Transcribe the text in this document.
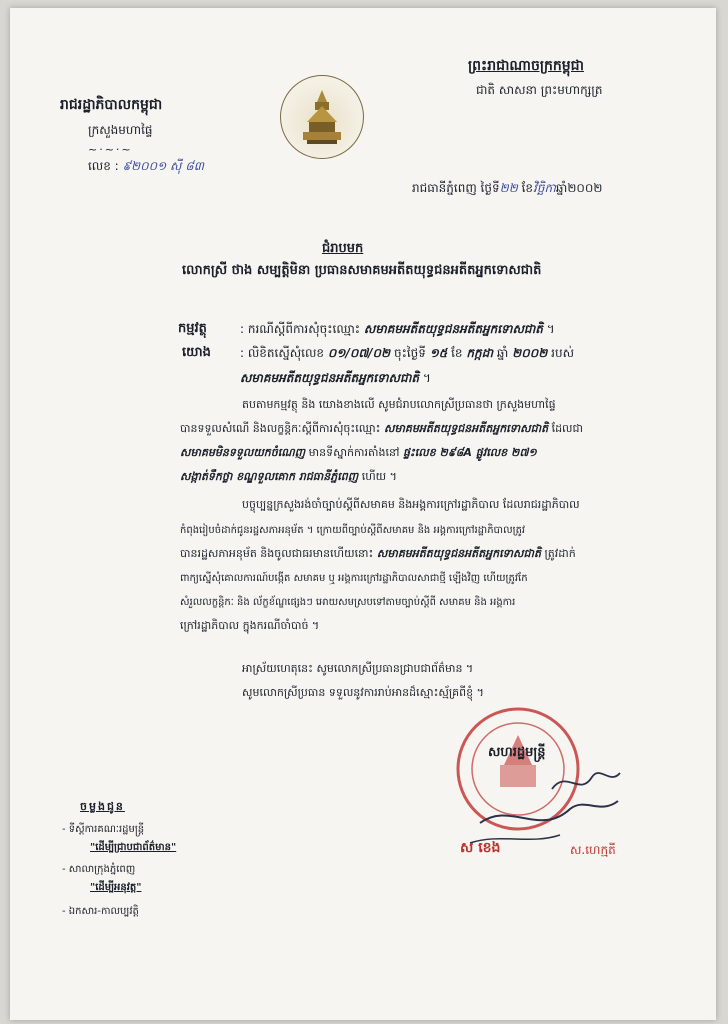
ព្រះរាជាណាចក្រកម្ពុជា
ជាតិ សាសនា ព្រះមហាក្សត្រ
រាជរដ្ឋាភិបាលកម្ពុជា
ក្រសួងមហាផ្ទៃ
~·~·~
លេខ : ៩២០០១ ស៊ី ៨៣
រាជធានីភ្នំពេញ ថ្ងៃទី២២ ខែវិច្ឆិកាឆ្នាំ២០០២
ជំរាបមក
លោកស្រី ថាង សម្បត្តិមិនា ប្រធានសមាគមអតីតយុទ្ធជនអតីតអ្នកទោសជាតិ
កម្មវត្ថុ	: ករណីស្តីពីការសុំចុះឈ្មោះ សមាគមអតីតយុទ្ធជនអតីតអ្នកទោសជាតិ ។
យោង : លិខិតស្នើសុំលេខ ០១/០៧/០២ ចុះថ្ងៃទី ១៥ ខែ កក្កដា ឆ្នាំ ២០០២ របស់
សមាគមអតីតយុទ្ធជនអតីតអ្នកទោសជាតិ ។
តបតាមកម្មវត្ថុ និង យោងខាងលើ សូមជំរាបលោកស្រីប្រធានថា ក្រសួងមហាផ្ទៃ
បានទទួលសំណើ និងលក្ខន្តិកៈស្តីពីការសុំចុះឈ្មោះ សមាគមអតីតយុទ្ធជនអតីតអ្នកទោសជាតិ ដែលជា
សមាគមមិនទទួលយកចំណេញ មានទីស្នាក់ការតាំងនៅ ផ្ទះលេខ ២៩៨A ផ្លូវលេខ ២៧១
សង្កាត់ទឹកថ្លា ខណ្ឌទួលគោក រាជធានីភ្នំពេញ ហើយ ។
បច្ចុប្បន្នក្រសួងរង់ចាំច្បាប់ស្តីពីសមាគម និងអង្គការក្រៅរដ្ឋាភិបាល ដែលរាជរដ្ឋាភិបាល
កំពុងរៀបចំដាក់ជូនរដ្ឋសភាអនុម័ត ។ ក្រោយពីច្បាប់ស្តីពីសមាគម និង អង្គការក្រៅរដ្ឋាភិបាលត្រូវ
បានរដ្ឋសភាអនុម័ត និងចូលជាធរមានហើយនោះ សមាគមអតីតយុទ្ធជនអតីតអ្នកទោសជាតិ ត្រូវដាក់
ពាក្យស្នើសុំគោលការណ៍បង្កើត សមាគម ឬ អង្គការក្រៅរដ្ឋាភិបាលសាជាថ្មី ឡើងវិញ ហើយត្រូវកែ
សំរួលលក្ខន្តិកៈ និង ល័ក្ខខ័ណ្ឌផ្សេងៗ អោយសមស្របទៅតាមច្បាប់ស្តីពី សមាគម និង អង្គការ
ក្រៅរដ្ឋាភិបាល ក្នុងករណីចាំបាច់ ។
អាស្រ័យហេតុនេះ សូមលោកស្រីប្រធានជ្រាបជាព័ត៌មាន ។
សូមលោកស្រីប្រធាន ទទួលនូវការរាប់អានដ៏ស្មោះស្ម័គ្រពីខ្ញុំ ។
សហរដ្ឋមន្ត្រី
ស ខេង	ស.ហេក្មតី
ចម្លងជូន
- ទីស្តីការគណៈរដ្ឋមន្ត្រី
"ដើម្បីជ្រាបជាព័ត៌មាន"
- សាលាក្រុងភ្នំពេញ
"ដើម្បីអនុវត្ត"
- ឯកសារ-កាលប្បវត្តិ
